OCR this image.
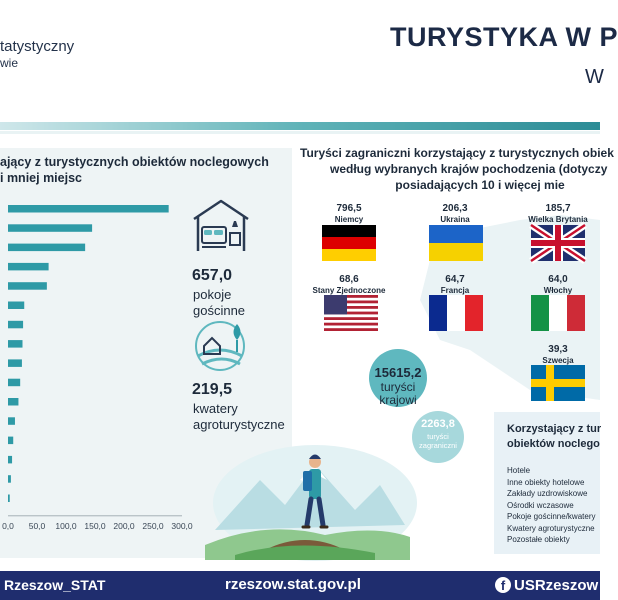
tatystyczny
wie
TURYSTYKA W P
W
ający z turystycznych obiektów noclegowych
i mniej miejsc
0,0 50,0 100,0 150,0 200,0 250,0 300,0
657,0
pokoje
gościnne
219,5
kwatery
agroturystyczne
Turyści zagraniczni korzystający z turystycznych obiek
według wybranych krajów pochodzenia (dotyczy
posiadających 10 i więcej mie
796,5
Niemcy
206,3
Ukraina
185,7
Wielka Brytania
68,6
Stany Zjednoczone
64,7
Francja
64,0
Włochy
39,3
Szwecja
15615,2
turyści
krajowi
2263,8
turyści
zagraniczni
Korzystający z tur
obiektów noclego
Hotele
Inne obiekty hotelowe
Zakłady uzdrowiskowe
Ośrodki wczasowe
Pokoje gościnne/kwatery
Kwatery agroturystyczne
Pozostałe obiekty
Rzeszow_STAT	rzeszow.stat.gov.pl	f USRzeszow
